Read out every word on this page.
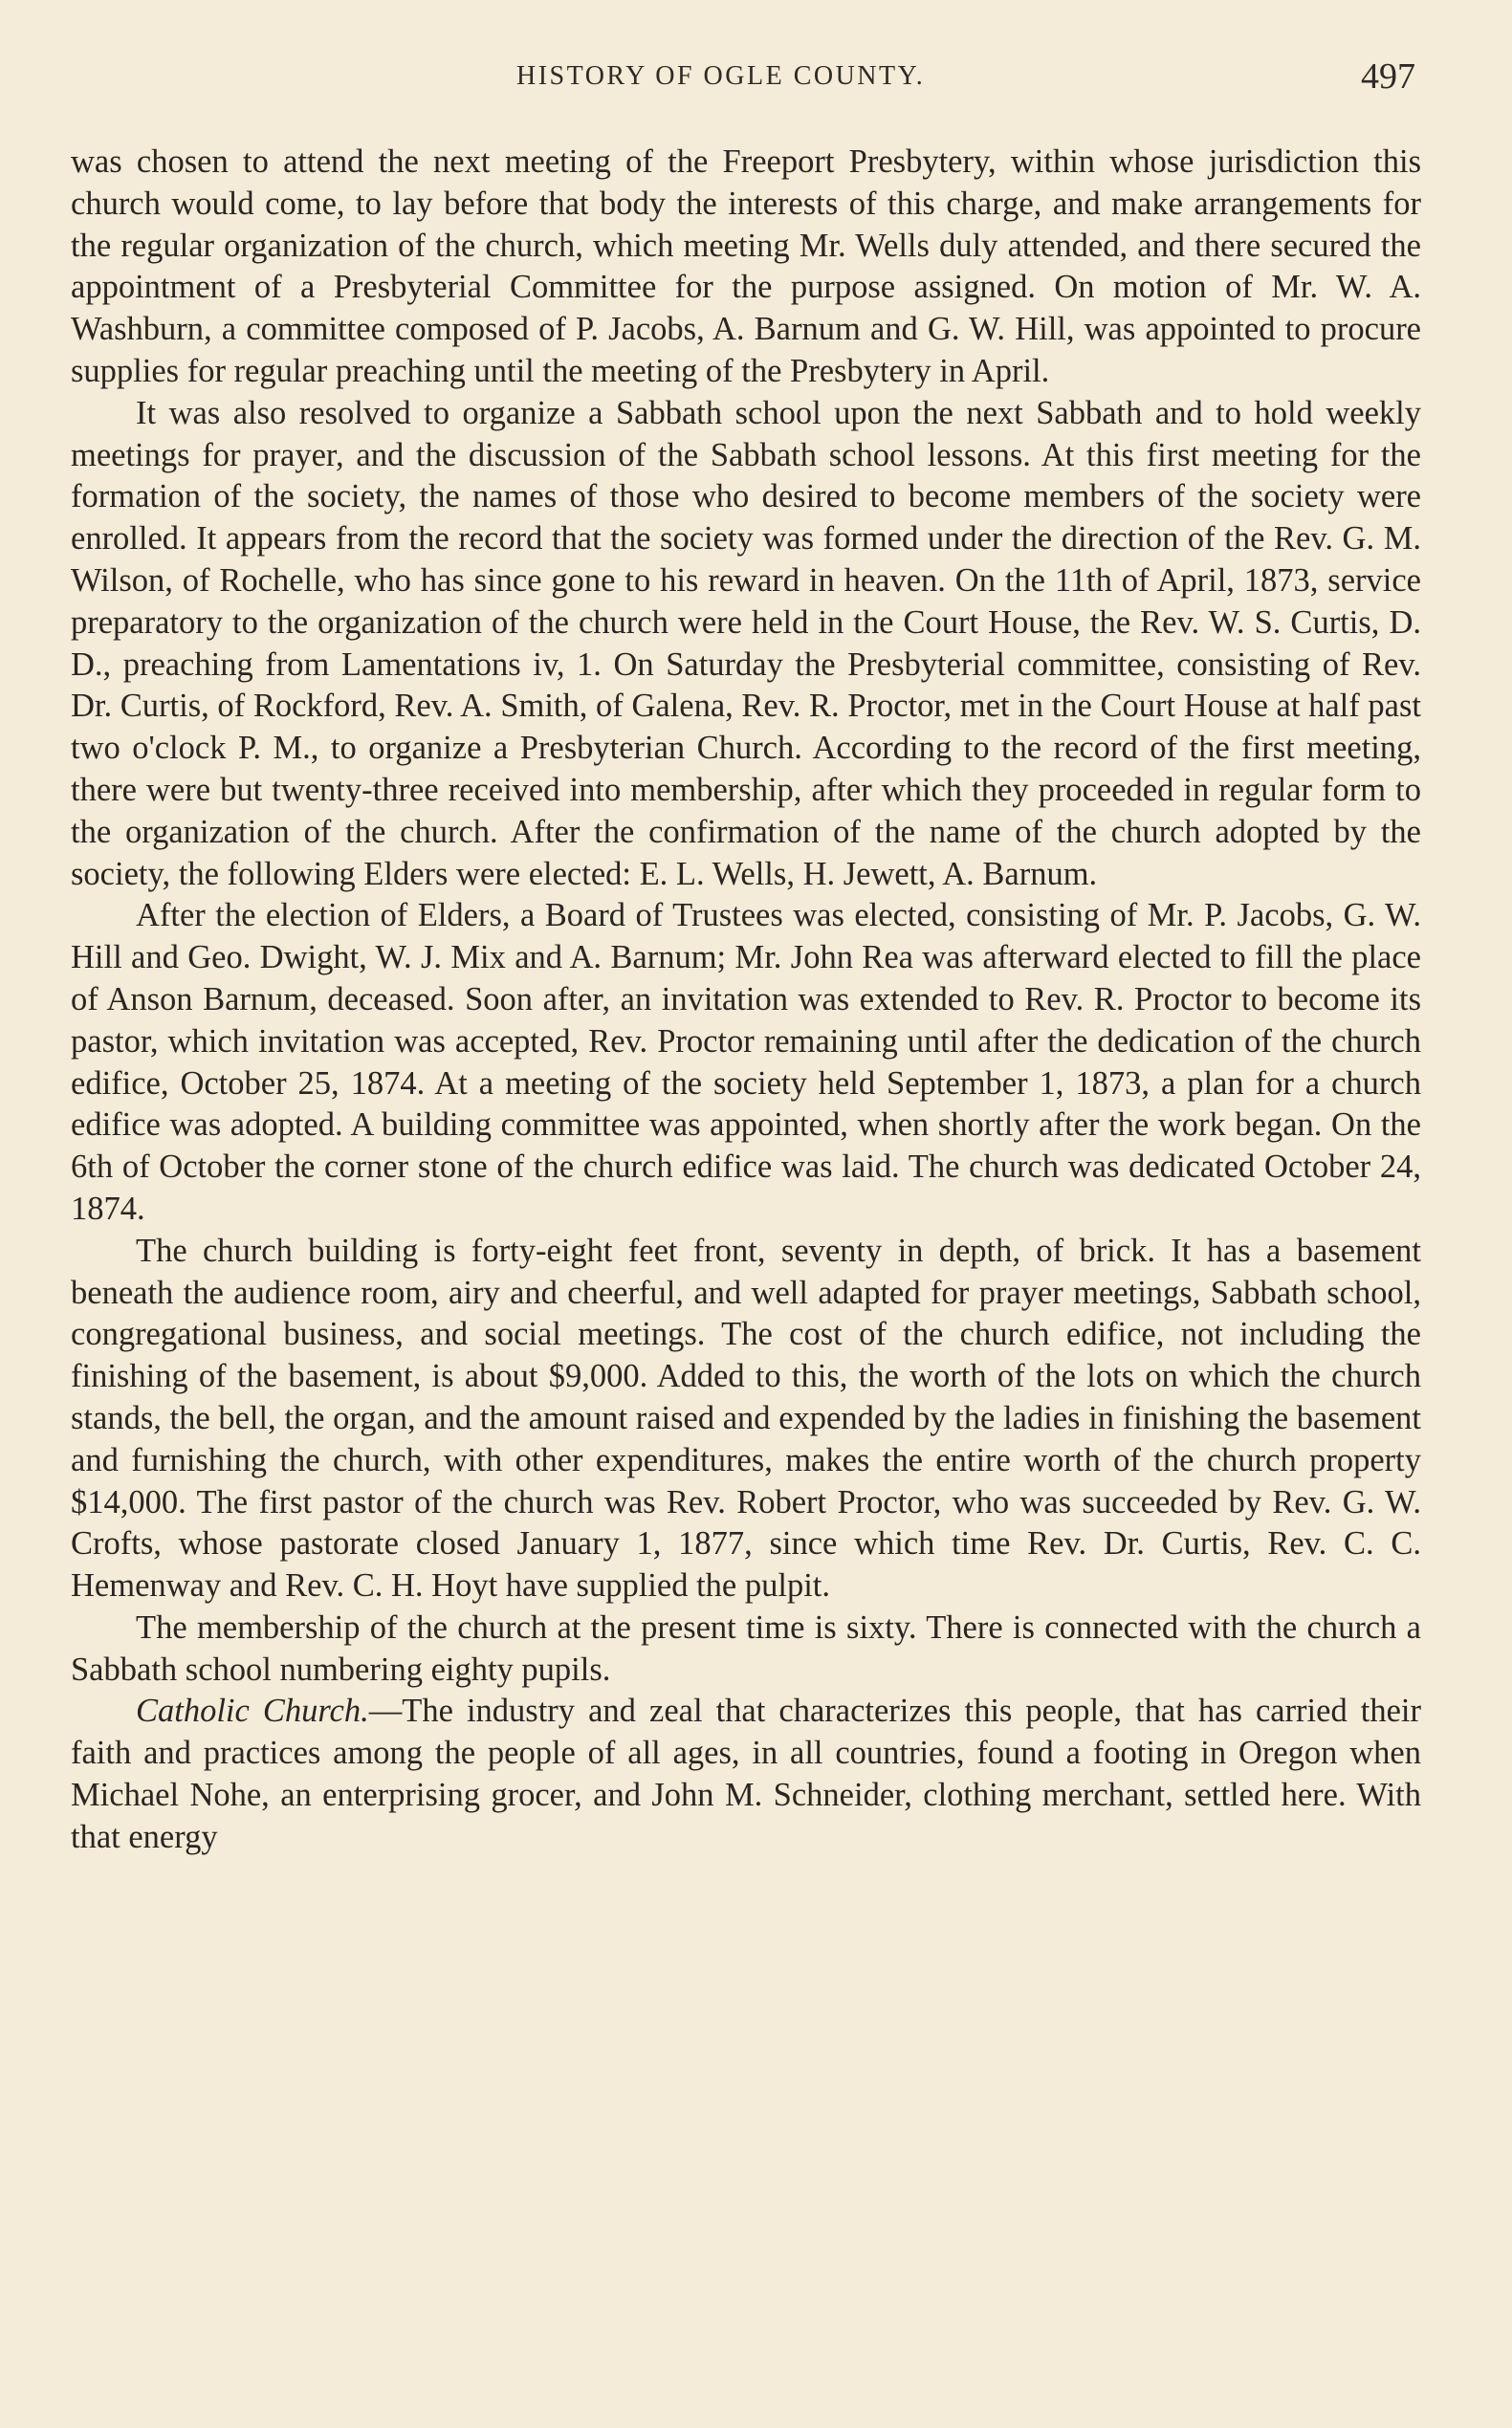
HISTORY OF OGLE COUNTY.	497

was chosen to attend the next meeting of the Freeport Presbytery, within whose jurisdiction this church would come, to lay before that body the interests of this charge, and make arrangements for the regular organization of the church, which meeting Mr. Wells duly attended, and there secured the appointment of a Presbyterial Committee for the purpose assigned. On motion of Mr. W. A. Washburn, a committee composed of P. Jacobs, A. Barnum and G. W. Hill, was appointed to procure supplies for regular preaching until the meeting of the Presbytery in April.

It was also resolved to organize a Sabbath school upon the next Sabbath and to hold weekly meetings for prayer, and the discussion of the Sabbath school lessons. At this first meeting for the formation of the society, the names of those who desired to become members of the society were enrolled. It appears from the record that the society was formed under the direction of the Rev. G. M. Wilson, of Rochelle, who has since gone to his reward in heaven. On the 11th of April, 1873, service preparatory to the organization of the church were held in the Court House, the Rev. W. S. Curtis, D. D., preaching from Lamentations iv, 1. On Saturday the Presbyterial committee, consisting of Rev. Dr. Curtis, of Rockford, Rev. A. Smith, of Galena, Rev. R. Proctor, met in the Court House at half past two o'clock P. M., to organize a Presbyterian Church. According to the record of the first meeting, there were but twenty-three received into membership, after which they proceeded in regular form to the organization of the church. After the confirmation of the name of the church adopted by the society, the following Elders were elected: E. L. Wells, H. Jewett, A. Barnum.

After the election of Elders, a Board of Trustees was elected, consisting of Mr. P. Jacobs, G. W. Hill and Geo. Dwight, W. J. Mix and A. Barnum; Mr. John Rea was afterward elected to fill the place of Anson Barnum, deceased. Soon after, an invitation was extended to Rev. R. Proctor to become its pastor, which invitation was accepted, Rev. Proctor remaining until after the dedication of the church edifice, October 25, 1874. At a meeting of the society held September 1, 1873, a plan for a church edifice was adopted. A building committee was appointed, when shortly after the work began. On the 6th of October the corner stone of the church edifice was laid. The church was dedicated October 24, 1874.

The church building is forty-eight feet front, seventy in depth, of brick. It has a basement beneath the audience room, airy and cheerful, and well adapted for prayer meetings, Sabbath school, congregational business, and social meetings. The cost of the church edifice, not including the finishing of the basement, is about $9,000. Added to this, the worth of the lots on which the church stands, the bell, the organ, and the amount raised and expended by the ladies in finishing the basement and furnishing the church, with other expenditures, makes the entire worth of the church property $14,000. The first pastor of the church was Rev. Robert Proctor, who was succeeded by Rev. G. W. Crofts, whose pastorate closed January 1, 1877, since which time Rev. Dr. Curtis, Rev. C. C. Hemenway and Rev. C. H. Hoyt have supplied the pulpit.

The membership of the church at the present time is sixty. There is connected with the church a Sabbath school numbering eighty pupils.

Catholic Church.—The industry and zeal that characterizes this people, that has carried their faith and practices among the people of all ages, in all countries, found a footing in Oregon when Michael Nohe, an enterprising grocer, and John M. Schneider, clothing merchant, settled here. With that energy
